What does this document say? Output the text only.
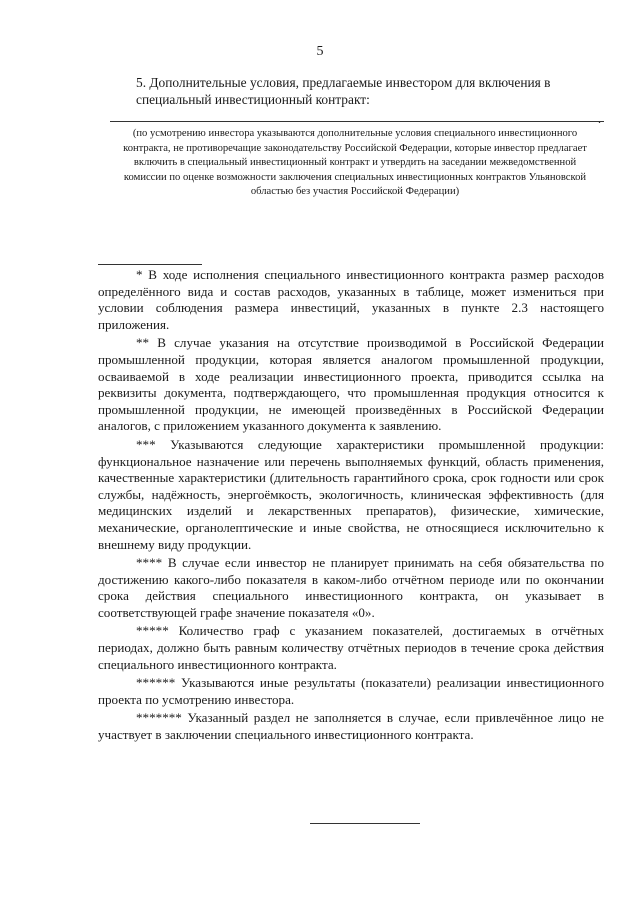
5
5. Дополнительные условия, предлагаемые инвестором для включения в специальный инвестиционный контракт:
.
(по усмотрению инвестора указываются дополнительные условия специального инвестиционного контракта, не противоречащие законодательству Российской Федерации, которые инвестор предлагает включить в специальный инвестиционный контракт и утвердить на заседании межведомственной комиссии по оценке возможности заключения специальных инвестиционных контрактов Ульяновской областью без участия Российской Федерации)

* В ходе исполнения специального инвестиционного контракта размер расходов определённого вида и состав расходов, указанных в таблице, может измениться при условии соблюдения размера инвестиций, указанных в пункте 2.3 настоящего приложения.

** В случае указания на отсутствие производимой в Российской Федерации промышленной продукции, которая является аналогом промышленной продукции, осваиваемой в ходе реализации инвестиционного проекта, приводится ссылка на реквизиты документа, подтверждающего, что промышленная продукция относится к промышленной продукции, не имеющей произведённых в Российской Федерации аналогов, с приложением указанного документа к заявлению.

*** Указываются следующие характеристики промышленной продукции: функциональное назначение или перечень выполняемых функций, область применения, качественные характеристики (длительность гарантийного срока, срок годности или срок службы, надёжность, энергоёмкость, экологичность, клиническая эффективность (для медицинских изделий и лекарственных препаратов), физические, химические, механические, органолептические и иные свойства, не относящиеся исключительно к внешнему виду продукции.

**** В случае если инвестор не планирует принимать на себя обязательства по достижению какого-либо показателя в каком-либо отчётном периоде или по окончании срока действия специального инвестиционного контракта, он указывает в соответствующей графе значение показателя «0».

***** Количество граф с указанием показателей, достигаемых в отчётных периодах, должно быть равным количеству отчётных периодов в течение срока действия специального инвестиционного контракта.

****** Указываются иные результаты (показатели) реализации инвестиционного проекта по усмотрению инвестора.

******* Указанный раздел не заполняется в случае, если привлечённое лицо не участвует в заключении специального инвестиционного контракта.
